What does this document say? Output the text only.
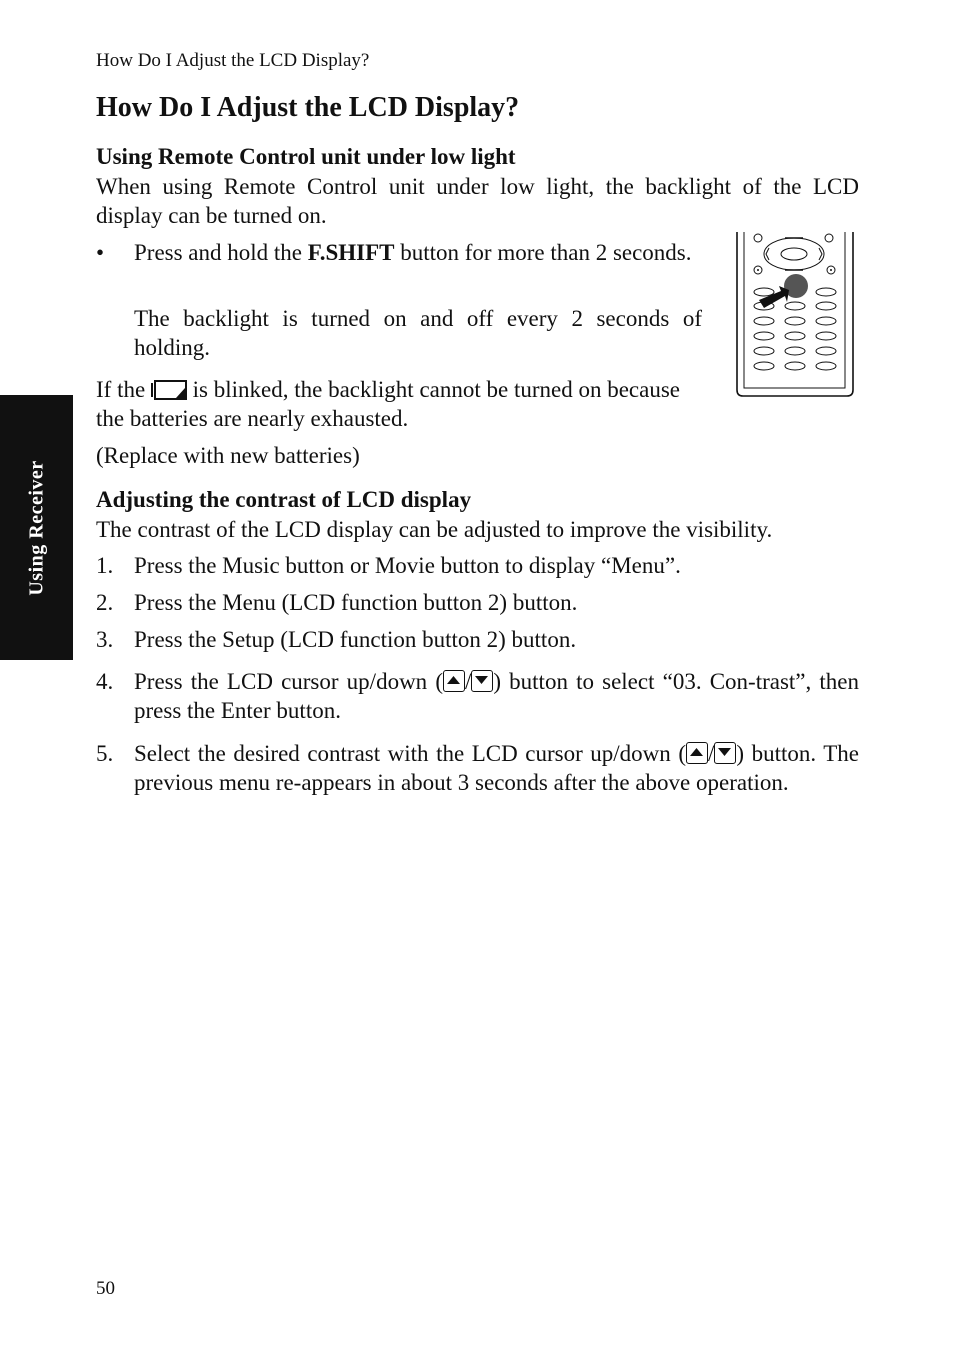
How Do I Adjust the LCD Display?
How Do I Adjust the LCD Display?
Using Remote Control unit under low light
When using Remote Control unit under low light, the backlight of the LCD display can be turned on.
• Press and hold the F.SHIFT button for more than 2 seconds.
The backlight is turned on and off every 2 seconds of holding.
If the is blinked, the backlight cannot be turned on because the batteries are nearly exhausted.
(Replace with new batteries)
Using Receiver Adjusting the contrast of LCD display
The contrast of the LCD display can be adjusted to improve the visibility.
1. Press the Music button or Movie button to display “Menu”.
2. Press the Menu (LCD function button 2) button.
3. Press the Setup (LCD function button 2) button.
4. Press the LCD cursor up/down ( / ) button to select “03. Con-trast”, then press the Enter button.
5. Select the desired contrast with the LCD cursor up/down ( / ) button. The previous menu re-appears in about 3 seconds after the above operation.
50
